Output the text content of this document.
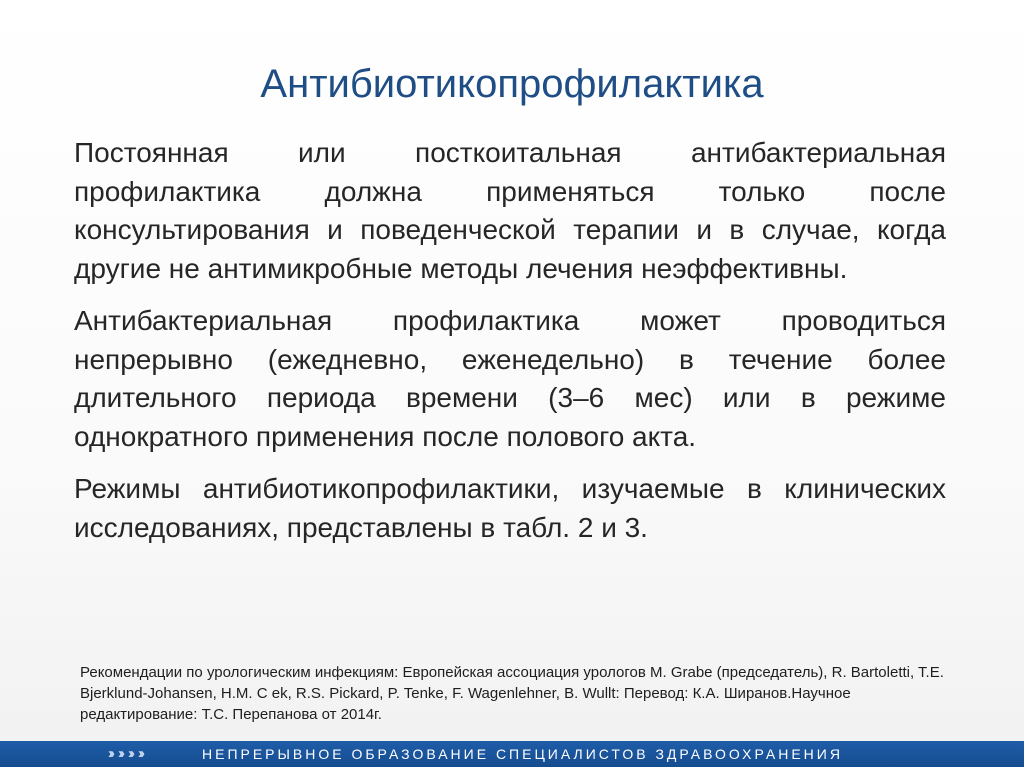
Антибиотикопрофилактика

Постоянная или посткоитальная антибактериальная профилактика должна применяться только после консультирования и поведенческой терапии и в случае, когда другие не антимикробные методы лечения неэффективны.

Антибактериальная профилактика может проводиться непрерывно (ежедневно, еженедельно) в течение более длительного периода времени (3–6 мес) или в режиме однократного применения после полового акта.

Режимы антибиотикопрофилактики, изучаемые в клинических исследованиях, представлены в табл. 2 и 3.

Рекомендации по урологическим инфекциям: Европейская ассоциация урологов M. Grabe (председатель), R. Bartoletti, T.E. Bjerklund-Johansen, H.M. С ek, R.S. Pickard, P. Tenke, F. Wagenlehner, B. Wullt: Перевод: К.А. Ширанов.Научное редактирование: Т.С. Перепанова от 2014г.

›› ›› ›› ››	НЕПРЕРЫВНОЕ ОБРАЗОВАНИЕ СПЕЦИАЛИСТОВ ЗДРАВООХРАНЕНИЯ
